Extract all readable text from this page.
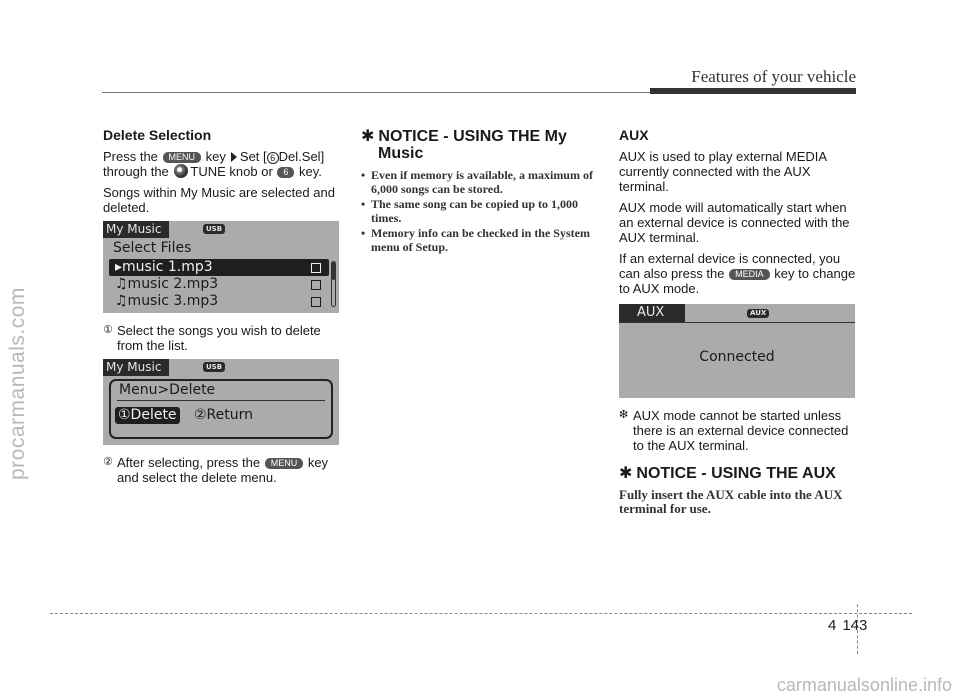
procarmanuals.com
carmanualsonline.info
Features of your vehicle
Delete Selection

Press the MENU key Set [ 6 Del.Sel] through the TUNE knob or 6 key.

Songs within My Music are selected and deleted.

My Music	USB
Select Files
▸music 1.mp3
♫music 2.mp3
♫music 3.mp3
① Select the songs you wish to delete from the list.
My Music	USB
Menu>Delete
①Delete ②Return
② After selecting, press the MENU key and select the delete menu.
✱ NOTICE - USING THE My
Music
• Even if memory is available, a maximum of 6,000 songs can be stored.
• The same song can be copied up to 1,000 times.
• Memory info can be checked in the System menu of Setup.
AUX

AUX is used to play external MEDIA currently connected with the AUX terminal.

AUX mode will automatically start when an external device is connected with the AUX terminal.

If an external device is connected, you can also press the MEDIA key to change to AUX mode.

AUX	AUX
Connected
❇ AUX mode cannot be started unless there is an external device connected to the AUX terminal.
✱ NOTICE - USING THE AUX

Fully insert the AUX cable into the AUX terminal for use.

4 143
